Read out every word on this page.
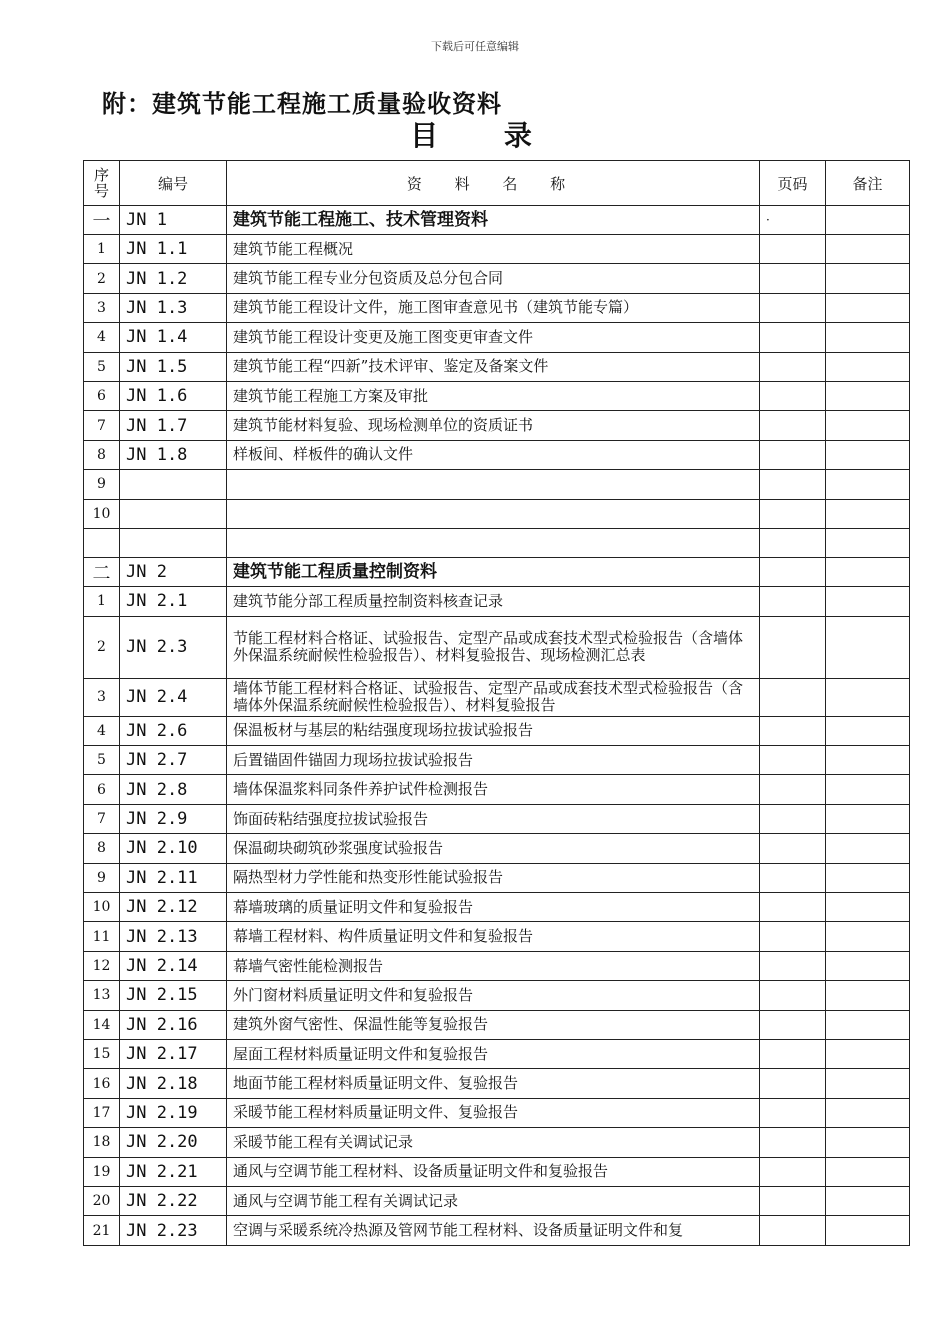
下载后可任意编辑
附：建筑节能工程施工质量验收资料
目 录
序号	编号	资 料 名 称	页码	备注
一	JN 1	建筑节能工程施工、技术管理资料	·	
1	JN 1.1	建筑节能工程概况		
2	JN 1.2	建筑节能工程专业分包资质及总分包合同		
3	JN 1.3	建筑节能工程设计文件，施工图审查意见书（建筑节能专篇）		
4	JN 1.4	建筑节能工程设计变更及施工图变更审查文件		
5	JN 1.5	建筑节能工程“四新”技术评审、鉴定及备案文件		
6	JN 1.6	建筑节能工程施工方案及审批		
7	JN 1.7	建筑节能材料复验、现场检测单位的资质证书		
8	JN 1.8	样板间、样板件的确认文件		
9				
10				

二	JN 2	建筑节能工程质量控制资料		
1	JN 2.1	建筑节能分部工程质量控制资料核查记录		
2	JN 2.3	节能工程材料合格证、试验报告、定型产品或成套技术型式检验报告（含墙体外保温系统耐候性检验报告）、材料复验报告、现场检测汇总表		
3	JN 2.4	墙体节能工程材料合格证、试验报告、定型产品或成套技术型式检验报告（含墙体外保温系统耐候性检验报告）、材料复验报告		
4	JN 2.6	保温板材与基层的粘结强度现场拉拔试验报告		
5	JN 2.7	后置锚固件锚固力现场拉拔试验报告		
6	JN 2.8	墙体保温浆料同条件养护试件检测报告		
7	JN 2.9	饰面砖粘结强度拉拔试验报告		
8	JN 2.10	保温砌块砌筑砂浆强度试验报告		
9	JN 2.11	隔热型材力学性能和热变形性能试验报告		
10	JN 2.12	幕墙玻璃的质量证明文件和复验报告		
11	JN 2.13	幕墙工程材料、构件质量证明文件和复验报告		
12	JN 2.14	幕墙气密性能检测报告		
13	JN 2.15	外门窗材料质量证明文件和复验报告		
14	JN 2.16	建筑外窗气密性、保温性能等复验报告		
15	JN 2.17	屋面工程材料质量证明文件和复验报告		
16	JN 2.18	地面节能工程材料质量证明文件、复验报告		
17	JN 2.19	采暖节能工程材料质量证明文件、复验报告		
18	JN 2.20	采暖节能工程有关调试记录		
19	JN 2.21	通风与空调节能工程材料、设备质量证明文件和复验报告		
20	JN 2.22	通风与空调节能工程有关调试记录		
21	JN 2.23	空调与采暖系统冷热源及管网节能工程材料、设备质量证明文件和复		
